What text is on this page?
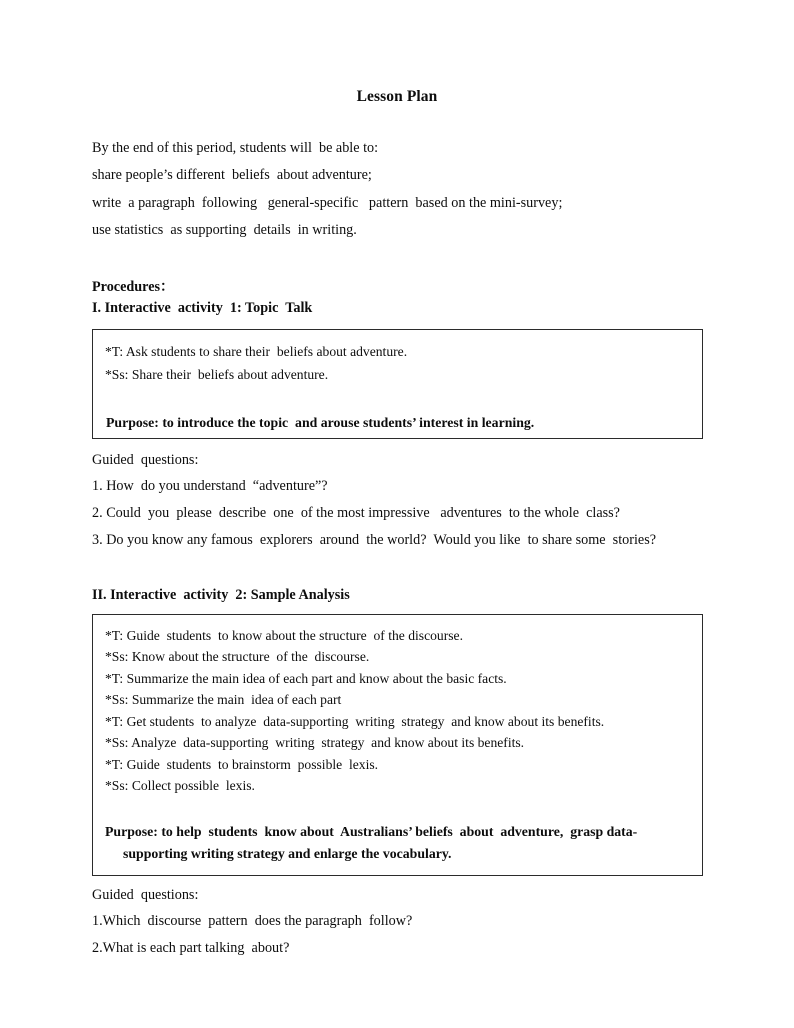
Lesson Plan

By the end of this period, students will  be able to:

share people’s different  beliefs  about adventure;

write  a paragraph  following   general-specific   pattern  based on the mini-survey;

use statistics  as supporting  details  in writing.

Procedures：

I. Interactive  activity  1: Topic  Talk

*T: Ask students to share their  beliefs about adventure.

*Ss: Share their  beliefs about adventure.

Purpose: to introduce the topic  and arouse students’ interest in learning.

Guided  questions:

1. How  do you understand  “adventure”?

2. Could  you  please  describe  one  of the most impressive   adventures  to the whole  class?

3. Do you know any famous  explorers  around  the world?  Would you like  to share some  stories?

II. Interactive  activity  2: Sample Analysis

*T: Guide  students  to know about the structure  of the discourse.

*Ss: Know about the structure  of the  discourse.

*T: Summarize the main idea of each part and know about the basic facts.

*Ss: Summarize the main  idea of each part

*T: Get students  to analyze  data-supporting  writing  strategy  and know about its benefits.

*Ss: Analyze  data-supporting  writing  strategy  and know about its benefits.

*T: Guide  students  to brainstorm  possible  lexis.

*Ss: Collect possible  lexis.

Purpose: to help  students  know about  Australians’ beliefs  about  adventure,  grasp data-supporting writing strategy and enlarge the vocabulary.

Guided  questions:

1.Which  discourse  pattern  does the paragraph  follow?

2.What is each part talking  about?
